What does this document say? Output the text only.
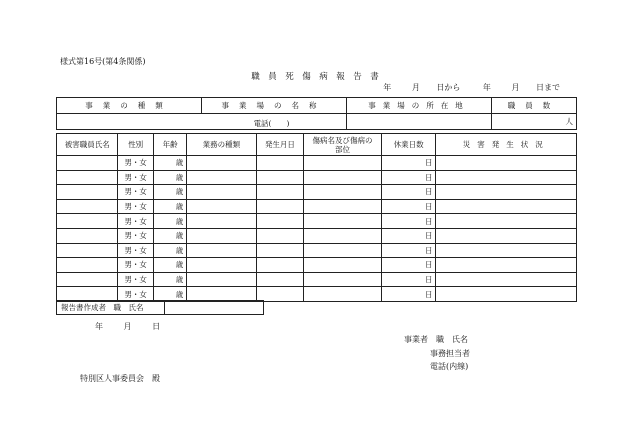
様式第16号(第4条関係)
職　員　死　傷　病　報　告　書
年	月 日から	年	月 日まで
事業の種類	事業場の名称	事業場の所在地	職員数
電話(　　)			人
被害職員氏名	性別	年齢	業務の種類	発生月日	傷病名及び傷病の部位	休業日数	災害発生状況
	男・女	歳				日	
	男・女	歳				日	
	男・女	歳				日	
	男・女	歳				日	
	男・女	歳				日	
	男・女	歳				日	
	男・女	歳				日	
	男・女	歳				日	
	男・女	歳				日	
	男・女	歳				日	
報告書作成者　職　氏名	
年	月	日
事業者　職　氏名
事務担当者
電話(内線)
特別区人事委員会　殿
